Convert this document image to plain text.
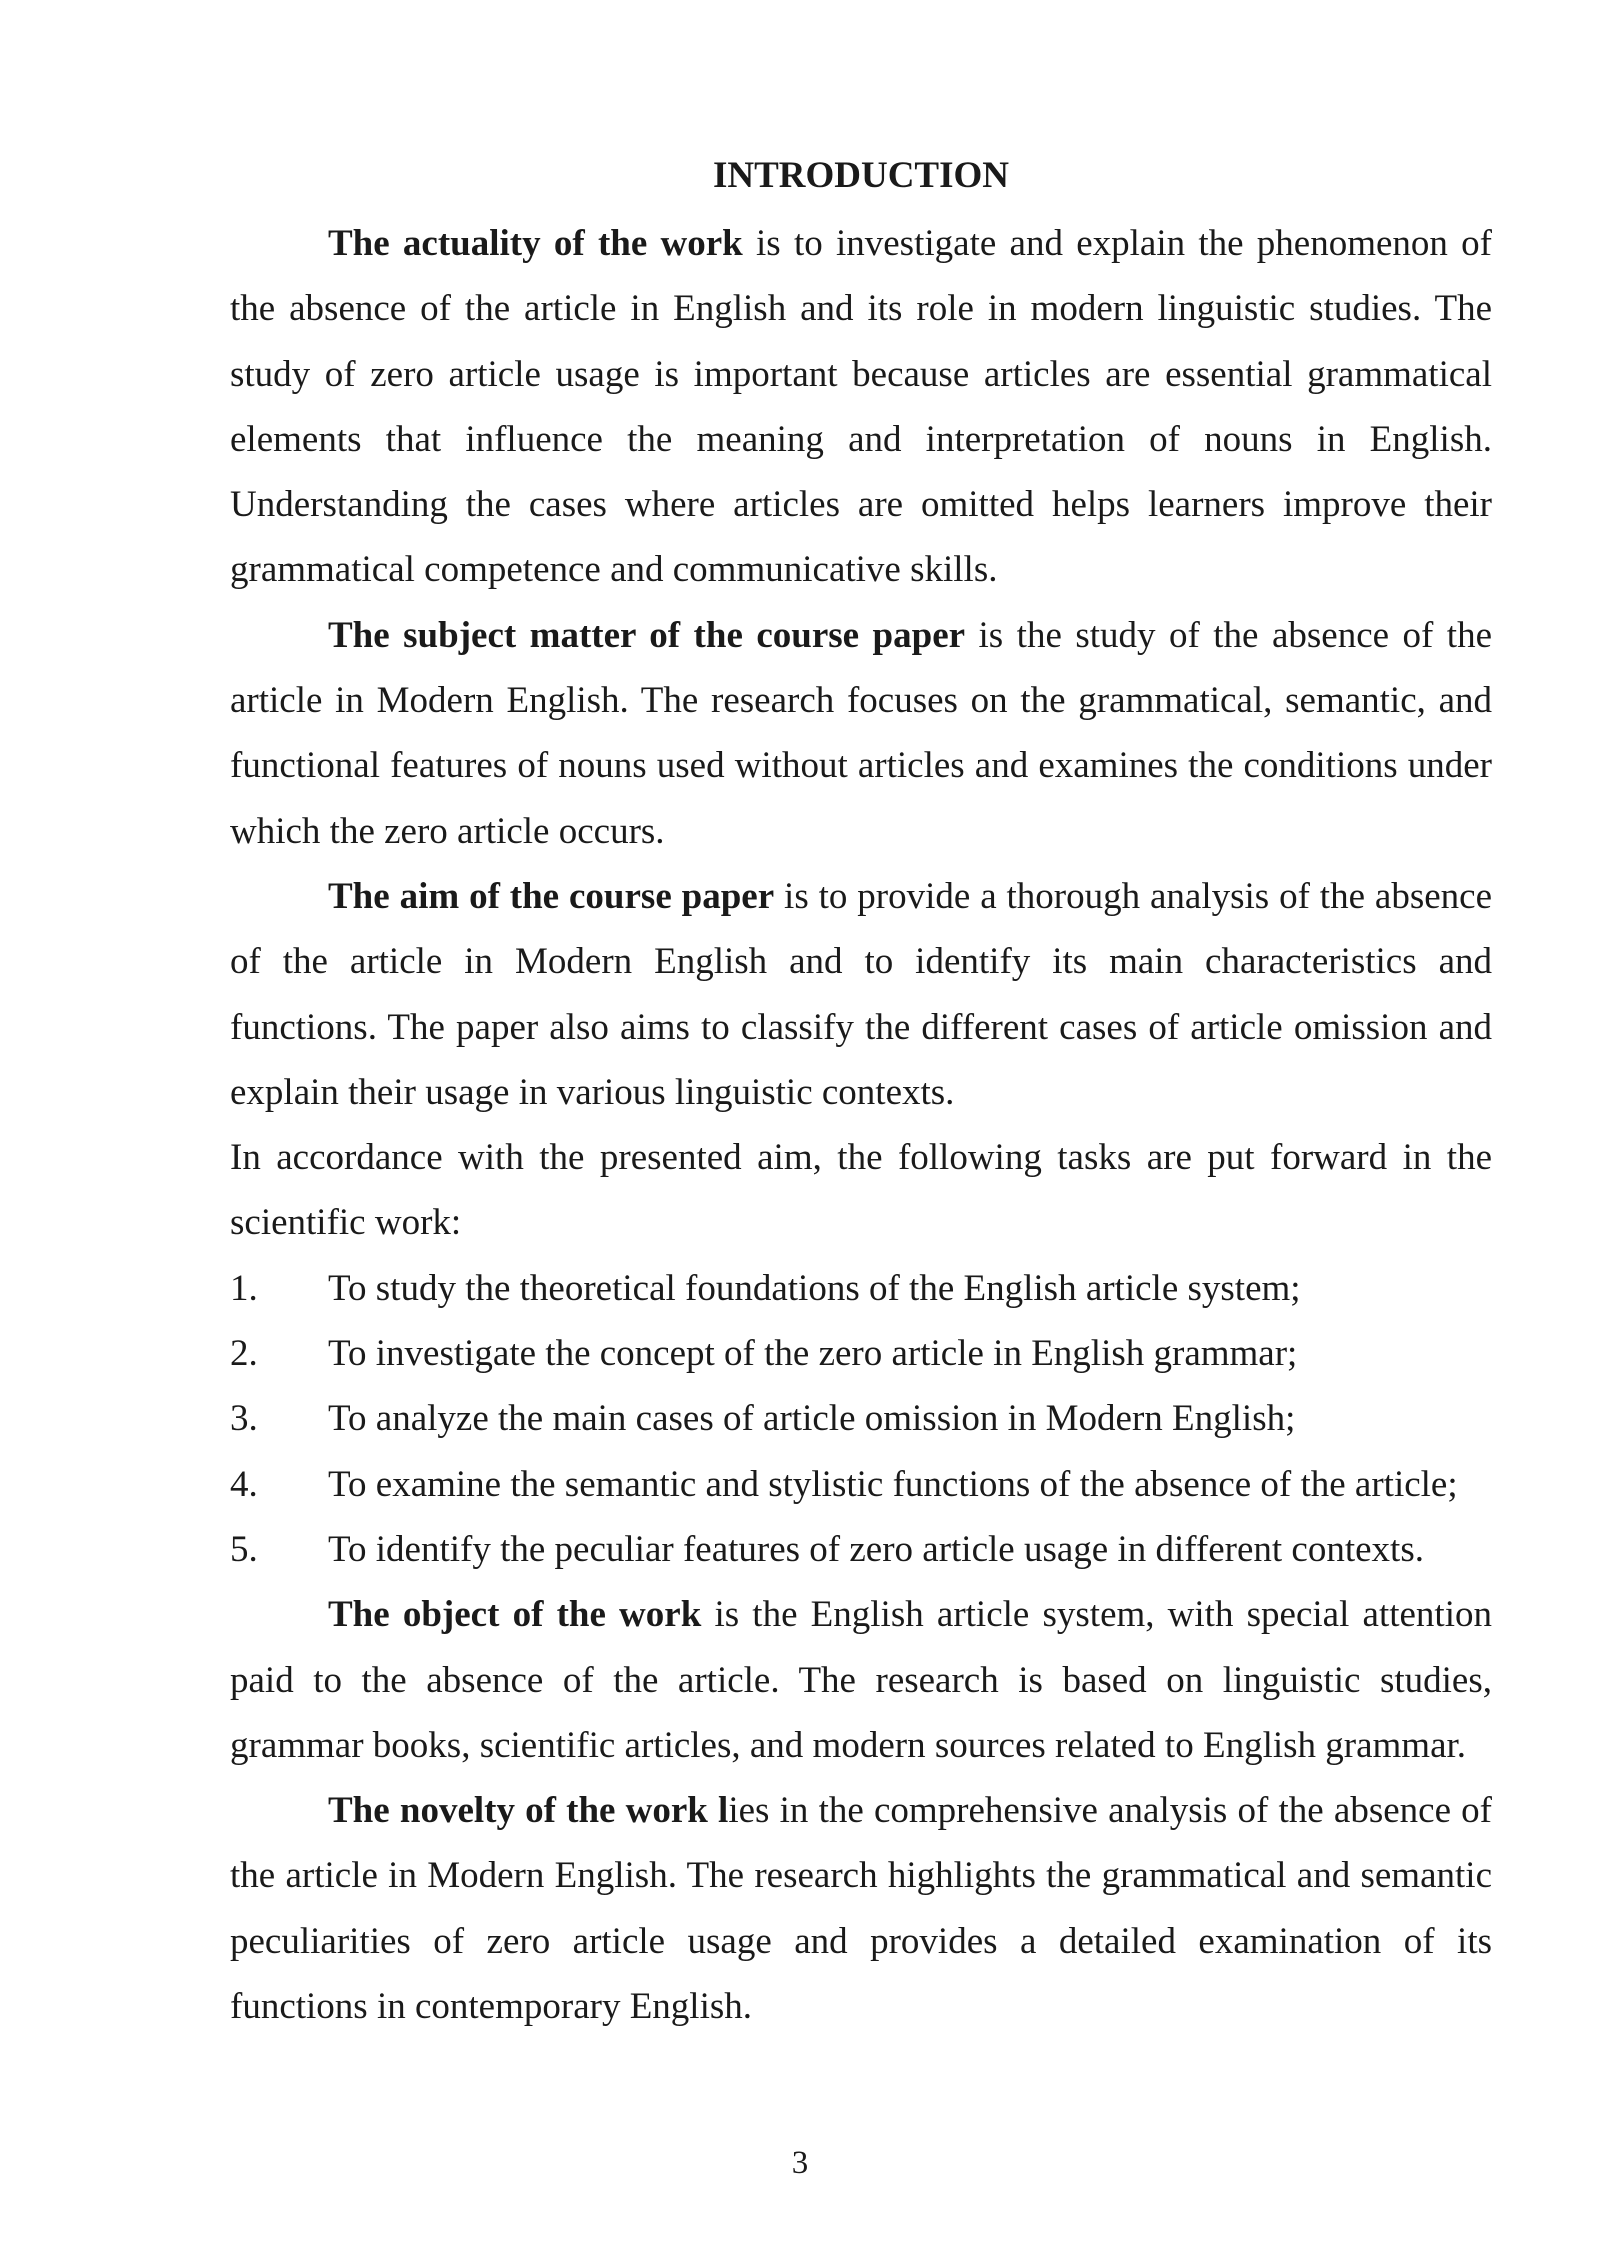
INTRODUCTION

The actuality of the work is to investigate and explain the phenomenon of the absence of the article in English and its role in modern linguistic studies. The study of zero article usage is important because articles are essential grammatical elements that influence the meaning and interpretation of nouns in English. Understanding the cases where articles are omitted helps learners improve their grammatical competence and communicative skills.

The subject matter of the course paper is the study of the absence of the article in Modern English. The research focuses on the grammatical, semantic, and functional features of nouns used without articles and examines the conditions under which the zero article occurs.

The aim of the course paper is to provide a thorough analysis of the absence of the article in Modern English and to identify its main characteristics and functions. The paper also aims to classify the different cases of article omission and explain their usage in various linguistic contexts.

In accordance with the presented aim, the following tasks are put forward in the scientific work:

1.	To study the theoretical foundations of the English article system;
2.	To investigate the concept of the zero article in English grammar;
3.	To analyze the main cases of article omission in Modern English;
4.	To examine the semantic and stylistic functions of the absence of the article;
5.	To identify the peculiar features of zero article usage in different contexts.

The object of the work is the English article system, with special attention paid to the absence of the article. The research is based on linguistic studies, grammar books, scientific articles, and modern sources related to English grammar.

The novelty of the work lies in the comprehensive analysis of the absence of the article in Modern English. The research highlights the grammatical and semantic peculiarities of zero article usage and provides a detailed examination of its functions in contemporary English.

3
